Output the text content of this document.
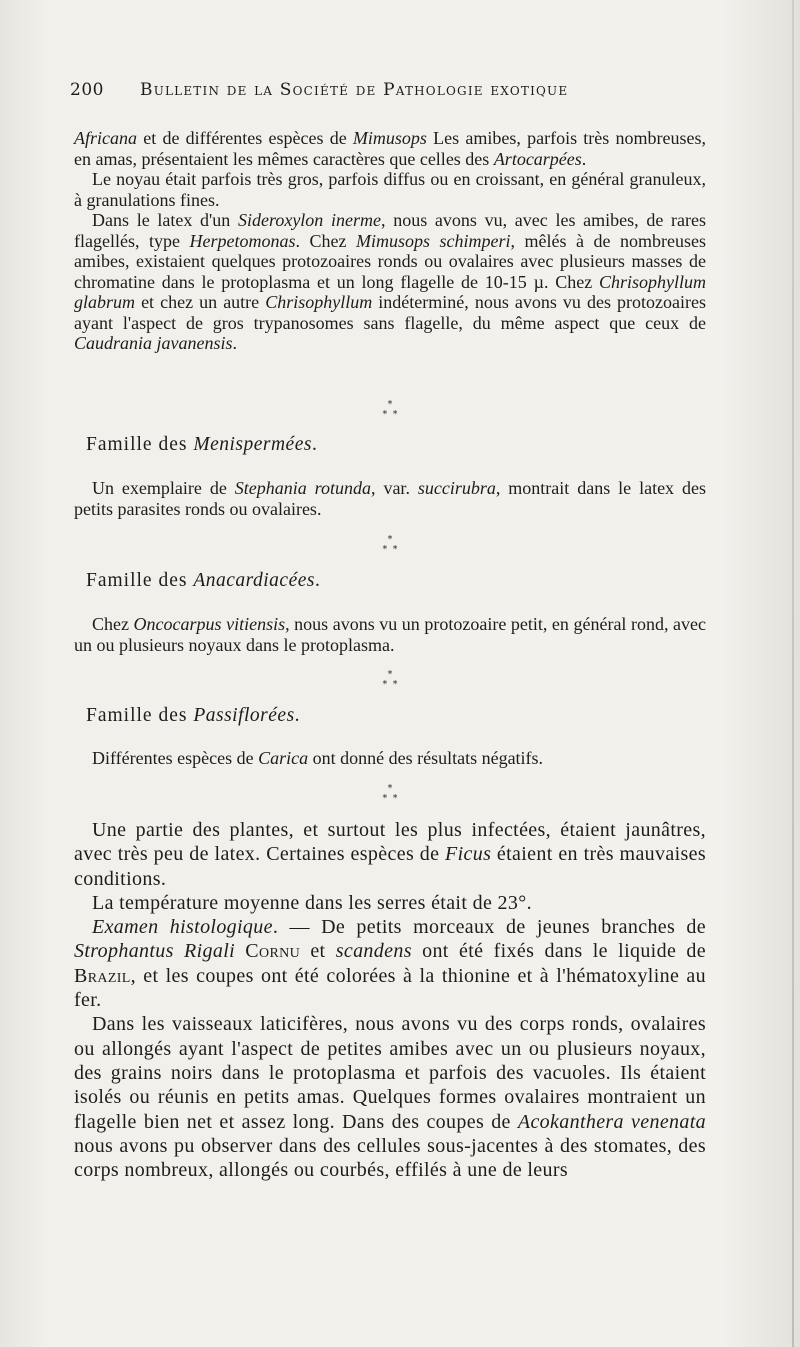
200	Bulletin de la Société de Pathologie exotique

Africana et de différentes espèces de Mimusops Les amibes, parfois très nombreuses, en amas, présentaient les mêmes caractères que celles des Artocarpées.

Le noyau était parfois très gros, parfois diffus ou en croissant, en général granuleux, à granulations fines.

Dans le latex d'un Sideroxylon inerme, nous avons vu, avec les amibes, de rares flagellés, type Herpetomonas. Chez Mimusops schimperi, mêlés à de nombreuses amibes, existaient quelques protozoaires ronds ou ovalaires avec plusieurs masses de chromatine dans le protoplasma et un long flagelle de 10-15 µ. Chez Chrisophyllum glabrum et chez un autre Chrisophyllum indéterminé, nous avons vu des protozoaires ayant l'aspect de gros trypanosomes sans flagelle, du même aspect que ceux de Caudrania javanensis.

*
* *
Famille des Menispermées.
Un exemplaire de Stephania rotunda, var. succirubra, montrait dans le latex des petits parasites ronds ou ovalaires.
*
* *
Famille des Anacardiacées.
Chez Oncocarpus vitiensis, nous avons vu un protozoaire petit, en général rond, avec un ou plusieurs noyaux dans le protoplasma.
*
* *
Famille des Passiflorées.
Différentes espèces de Carica ont donné des résultats négatifs.
*
* *

Une partie des plantes, et surtout les plus infectées, étaient jaunâtres, avec très peu de latex. Certaines espèces de Ficus étaient en très mauvaises conditions.

La température moyenne dans les serres était de 23°.

Examen histologique. — De petits morceaux de jeunes branches de Strophantus Rigali Cornu et scandens ont été fixés dans le liquide de Brazil, et les coupes ont été colorées à la thionine et à l'hématoxyline au fer.

Dans les vaisseaux laticifères, nous avons vu des corps ronds, ovalaires ou allongés ayant l'aspect de petites amibes avec un ou plusieurs noyaux, des grains noirs dans le protoplasma et parfois des vacuoles. Ils étaient isolés ou réunis en petits amas. Quelques formes ovalaires montraient un flagelle bien net et assez long. Dans des coupes de Acokanthera venenata nous avons pu observer dans des cellules sous-jacentes à des stomates, des corps nombreux, allongés ou courbés, effilés à une de leurs
